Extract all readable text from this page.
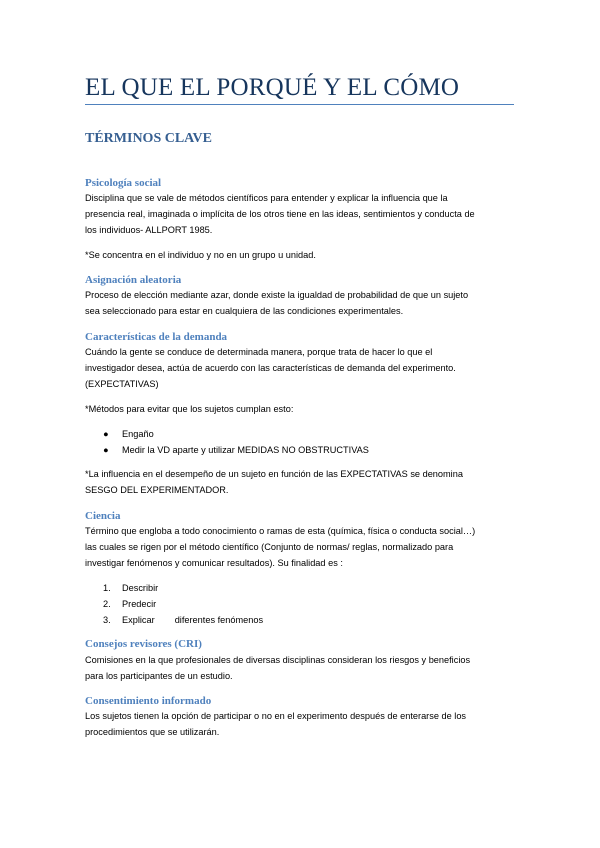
EL QUE EL PORQUÉ Y EL CÓMO
TÉRMINOS CLAVE
Psicología social
Disciplina que se vale de métodos científicos para entender y explicar la influencia que la
presencia real, imaginada o implícita de los otros tiene en las ideas, sentimientos y conducta de
los individuos- ALLPORT 1985.
*Se concentra en el individuo y no en un grupo u unidad.
Asignación aleatoria
Proceso de elección mediante azar, donde existe la igualdad de probabilidad de que un sujeto
sea seleccionado para estar en cualquiera de las condiciones experimentales.
Características de la demanda
Cuándo la gente se conduce de determinada manera, porque trata de hacer lo que el
investigador desea, actúa de acuerdo con las características de demanda del experimento.
(EXPECTATIVAS)
*Métodos para evitar que los sujetos cumplan esto:
● Engaño
● Medir la VD aparte y utilizar MEDIDAS NO OBSTRUCTIVAS
*La influencia en el desempeño de un sujeto en función de las EXPECTATIVAS se denomina
SESGO DEL EXPERIMENTADOR.
Ciencia
Término que engloba a todo conocimiento o ramas de esta (química, física o conducta social…)
las cuales se rigen por el método científico (Conjunto de normas/ reglas, normalizado para
investigar fenómenos y comunicar resultados). Su finalidad es :
1. Describir
2. Predecir
3. Explicar diferentes fenómenos
Consejos revisores (CRI)
Comisiones en la que profesionales de diversas disciplinas consideran los riesgos y beneficios
para los participantes de un estudio.
Consentimiento informado
Los sujetos tienen la opción de participar o no en el experimento después de enterarse de los
procedimientos que se utilizarán.
